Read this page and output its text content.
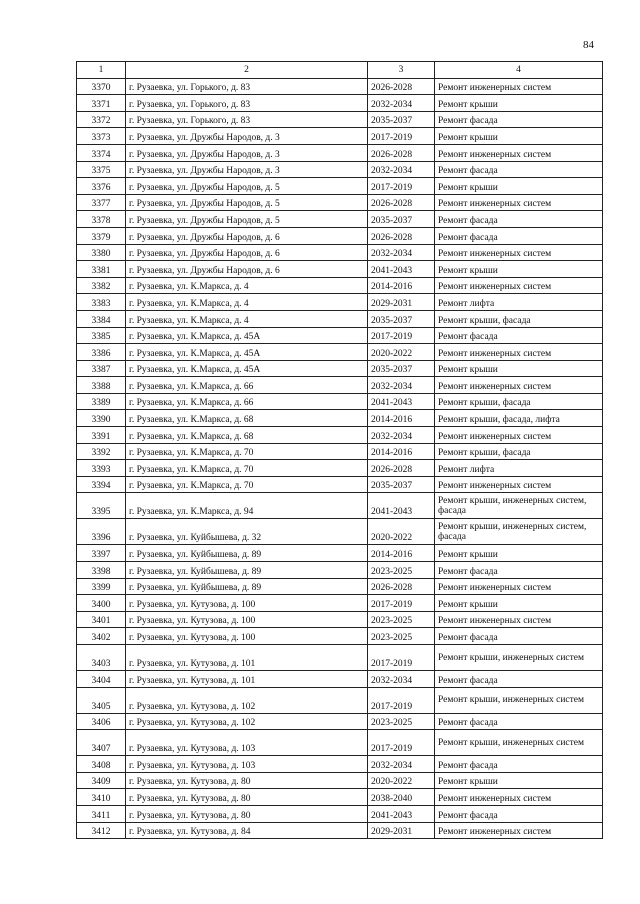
84
1	2	3	4
3370	г. Рузаевка, ул. Горького, д. 83	2026-2028	Ремонт инженерных систем
3371	г. Рузаевка, ул. Горького, д. 83	2032-2034	Ремонт крыши
3372	г. Рузаевка, ул. Горького, д. 83	2035-2037	Ремонт фасада
3373	г. Рузаевка, ул. Дружбы Народов, д. 3	2017-2019	Ремонт крыши
3374	г. Рузаевка, ул. Дружбы Народов, д. 3	2026-2028	Ремонт инженерных систем
3375	г. Рузаевка, ул. Дружбы Народов, д. 3	2032-2034	Ремонт фасада
3376	г. Рузаевка, ул. Дружбы Народов, д. 5	2017-2019	Ремонт крыши
3377	г. Рузаевка, ул. Дружбы Народов, д. 5	2026-2028	Ремонт инженерных систем
3378	г. Рузаевка, ул. Дружбы Народов, д. 5	2035-2037	Ремонт фасада
3379	г. Рузаевка, ул. Дружбы Народов, д. 6	2026-2028	Ремонт фасада
3380	г. Рузаевка, ул. Дружбы Народов, д. 6	2032-2034	Ремонт инженерных систем
3381	г. Рузаевка, ул. Дружбы Народов, д. 6	2041-2043	Ремонт крыши
3382	г. Рузаевка, ул. К.Маркса, д. 4	2014-2016	Ремонт инженерных систем
3383	г. Рузаевка, ул. К.Маркса, д. 4	2029-2031	Ремонт лифта
3384	г. Рузаевка, ул. К.Маркса, д. 4	2035-2037	Ремонт крыши, фасада
3385	г. Рузаевка, ул. К.Маркса, д. 45А	2017-2019	Ремонт фасада
3386	г. Рузаевка, ул. К.Маркса, д. 45А	2020-2022	Ремонт инженерных систем
3387	г. Рузаевка, ул. К.Маркса, д. 45А	2035-2037	Ремонт крыши
3388	г. Рузаевка, ул. К.Маркса, д. 66	2032-2034	Ремонт инженерных систем
3389	г. Рузаевка, ул. К.Маркса, д. 66	2041-2043	Ремонт крыши, фасада
3390	г. Рузаевка, ул. К.Маркса, д. 68	2014-2016	Ремонт крыши, фасада, лифта
3391	г. Рузаевка, ул. К.Маркса, д. 68	2032-2034	Ремонт инженерных систем
3392	г. Рузаевка, ул. К.Маркса, д. 70	2014-2016	Ремонт крыши, фасада
3393	г. Рузаевка, ул. К.Маркса, д. 70	2026-2028	Ремонт лифта
3394	г. Рузаевка, ул. К.Маркса, д. 70	2035-2037	Ремонт инженерных систем
3395	г. Рузаевка, ул. К.Маркса, д. 94	2041-2043	Ремонт крыши, инженерных систем, фасада
3396	г. Рузаевка, ул. Куйбышева, д. 32	2020-2022	Ремонт крыши, инженерных систем, фасада
3397	г. Рузаевка, ул. Куйбышева, д. 89	2014-2016	Ремонт крыши
3398	г. Рузаевка, ул. Куйбышева, д. 89	2023-2025	Ремонт фасада
3399	г. Рузаевка, ул. Куйбышева, д. 89	2026-2028	Ремонт инженерных систем
3400	г. Рузаевка, ул. Кутузова, д. 100	2017-2019	Ремонт крыши
3401	г. Рузаевка, ул. Кутузова, д. 100	2023-2025	Ремонт инженерных систем
3402	г. Рузаевка, ул. Кутузова, д. 100	2023-2025	Ремонт фасада
3403	г. Рузаевка, ул. Кутузова, д. 101	2017-2019	Ремонт крыши, инженерных систем
3404	г. Рузаевка, ул. Кутузова, д. 101	2032-2034	Ремонт фасада
3405	г. Рузаевка, ул. Кутузова, д. 102	2017-2019	Ремонт крыши, инженерных систем
3406	г. Рузаевка, ул. Кутузова, д. 102	2023-2025	Ремонт фасада
3407	г. Рузаевка, ул. Кутузова, д. 103	2017-2019	Ремонт крыши, инженерных систем
3408	г. Рузаевка, ул. Кутузова, д. 103	2032-2034	Ремонт фасада
3409	г. Рузаевка, ул. Кутузова, д. 80	2020-2022	Ремонт крыши
3410	г. Рузаевка, ул. Кутузова, д. 80	2038-2040	Ремонт инженерных систем
3411	г. Рузаевка, ул. Кутузова, д. 80	2041-2043	Ремонт фасада
3412	г. Рузаевка, ул. Кутузова, д. 84	2029-2031	Ремонт инженерных систем
